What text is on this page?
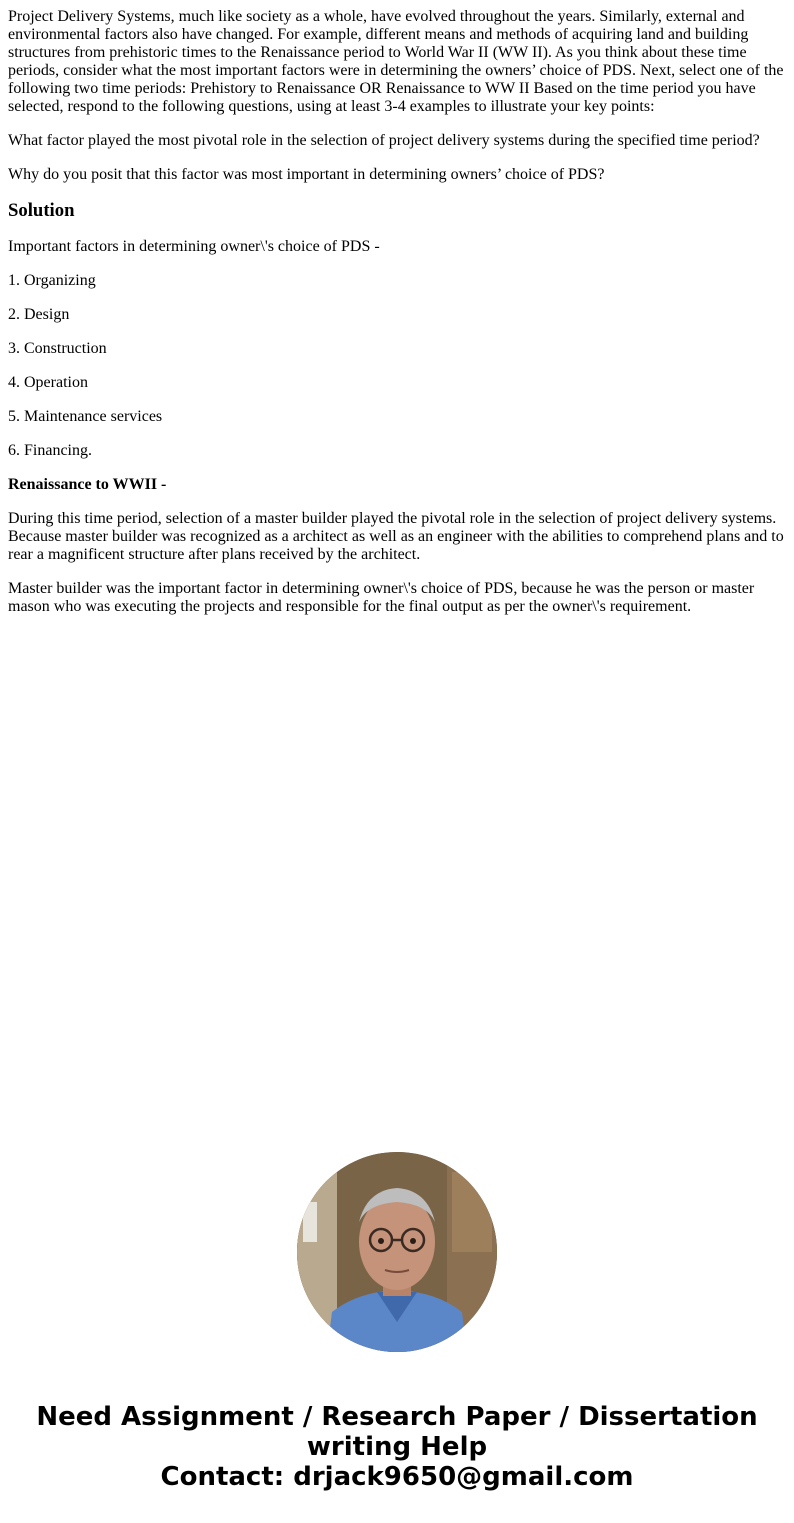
Project Delivery Systems, much like society as a whole, have evolved throughout the years. Similarly, external and environmental factors also have changed. For example, different means and methods of acquiring land and building structures from prehistoric times to the Renaissance period to World War II (WW II). As you think about these time periods, consider what the most important factors were in determining the owners’ choice of PDS. Next, select one of the following two time periods: Prehistory to Renaissance OR Renaissance to WW II Based on the time period you have selected, respond to the following questions, using at least 3-4 examples to illustrate your key points:

What factor played the most pivotal role in the selection of project delivery systems during the specified time period?

Why do you posit that this factor was most important in determining owners’ choice of PDS?

Solution

Important factors in determining owner\'s choice of PDS -

1. Organizing

2. Design

3. Construction

4. Operation

5. Maintenance services

6. Financing.

Renaissance to WWII -

During this time period, selection of a master builder played the pivotal role in the selection of project delivery systems. Because master builder was recognized as a architect as well as an engineer with the abilities to comprehend plans and to rear a magnificent structure after plans received by the architect.

Master builder was the important factor in determining owner\'s choice of PDS, because he was the person or master mason who was executing the projects and responsible for the final output as per the owner\'s requirement.

Need Assignment / Research Paper / Dissertation
writing Help
Contact: drjack9650@gmail.com
